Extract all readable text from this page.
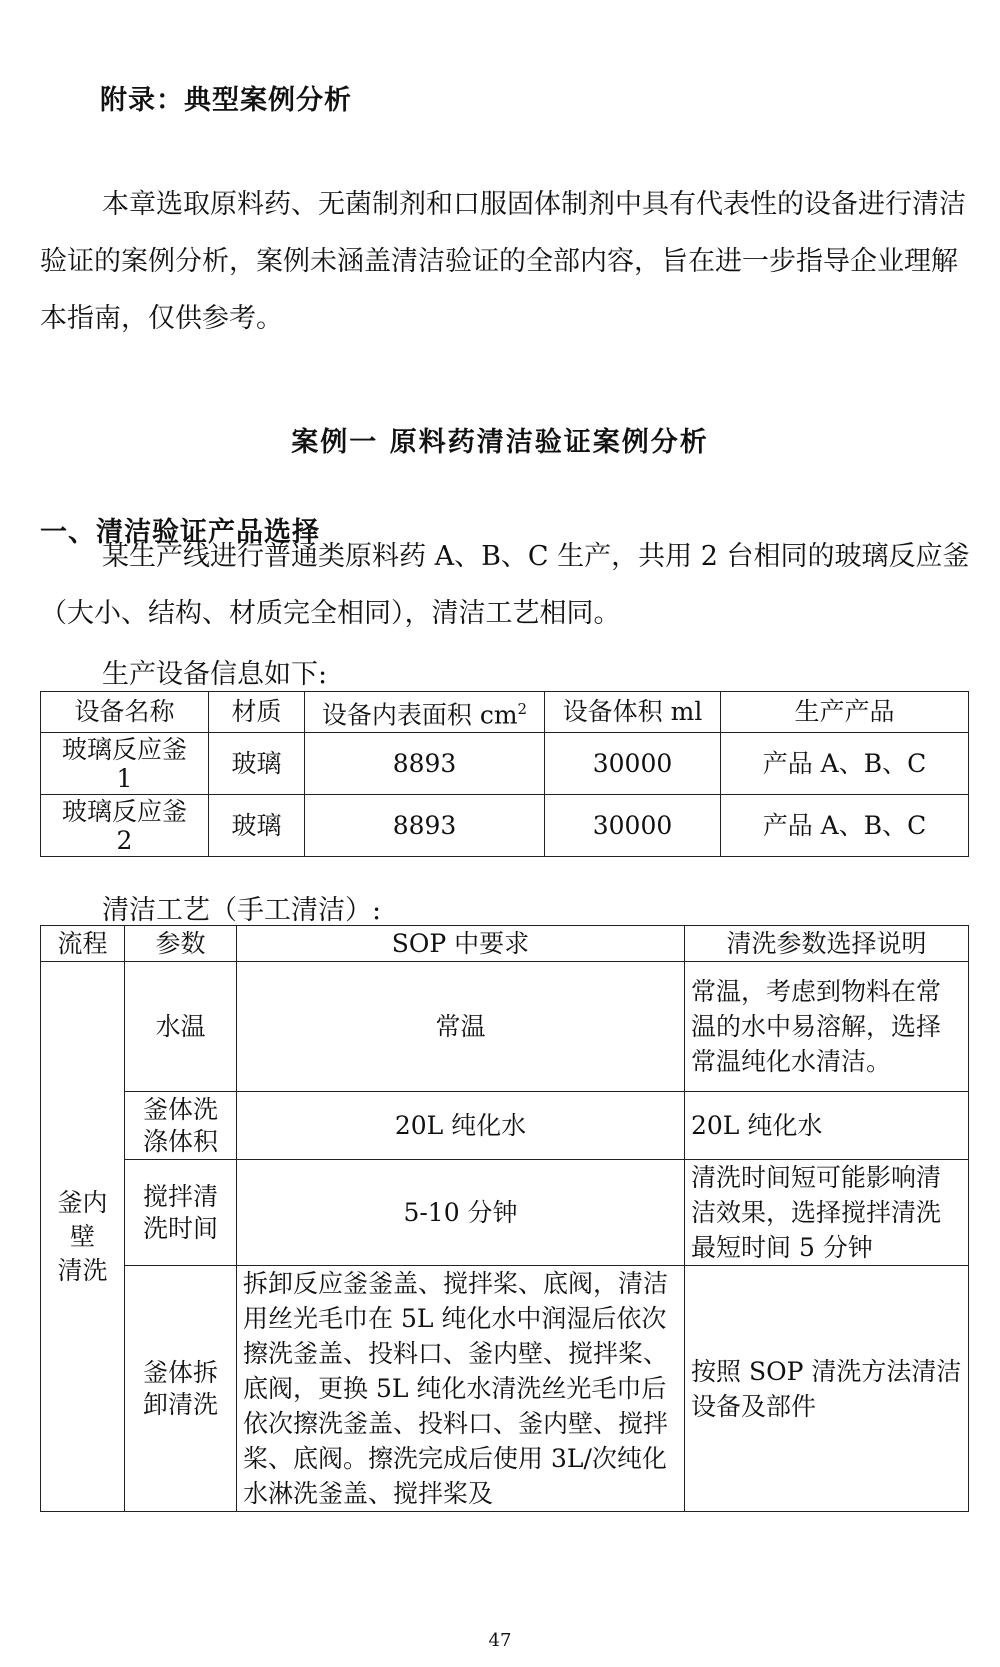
附录：典型案例分析

本章选取原料药、无菌制剂和口服固体制剂中具有代表性的设备进行清洁验证的案例分析，案例未涵盖清洁验证的全部内容，旨在进一步指导企业理解本指南，仅供参考。

案例一 原料药清洁验证案例分析
一、清洁验证产品选择

某生产线进行普通类原料药 A、B、C 生产，共用 2 台相同的玻璃反应釜（大小、结构、材质完全相同），清洁工艺相同。

生产设备信息如下:
设备名称	材质	设备内表面积 $cm^2$	设备体积 ml	生产产品
玻璃反应釜
1	玻璃	8893	30000	产品 A、B、C
玻璃反应釜
2	玻璃	8893	30000	产品 A、B、C
清洁工艺（手工清洁）:
流程	参数	SOP 中要求	清洗参数选择说明
釜内
壁
清洗	水温	常温	常温，考虑到物料在常温的水中易溶解，选择常温纯化水清洁。
	釜体洗
涤体积	20L 纯化水	20L 纯化水
	搅拌清
洗时间	5-10 分钟	清洗时间短可能影响清洁效果，选择搅拌清洗最短时间 5 分钟
	釜体拆
卸清洗	拆卸反应釜釜盖、搅拌桨、底阀，清洁用丝光毛巾在 5L 纯化水中润湿后依次擦洗釜盖、投料口、釜内壁、搅拌桨、底阀，更换 5L 纯化水清洗丝光毛巾后依次擦洗釜盖、投料口、釜内壁、搅拌桨、底阀。擦洗完成后使用 3L/次纯化水淋洗釜盖、搅拌桨及	按照 SOP 清洗方法清洁设备及部件
47
